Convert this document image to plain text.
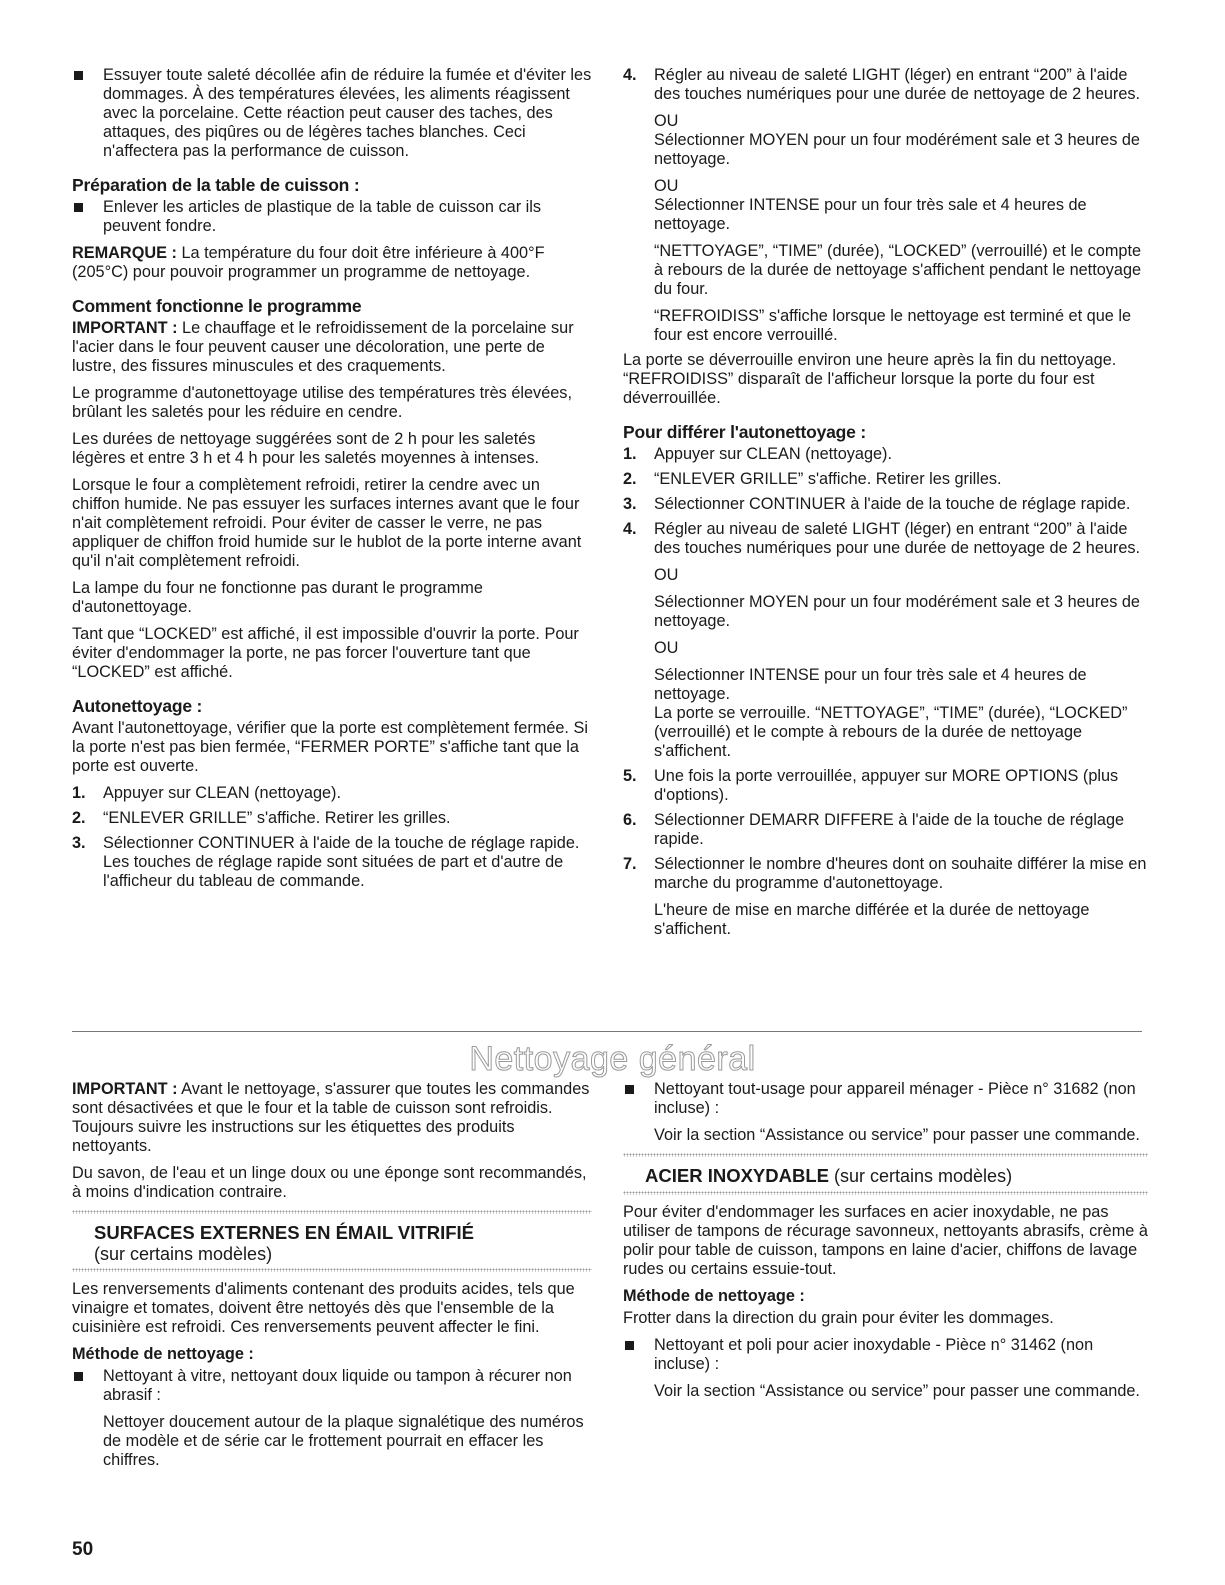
Essuyer toute saleté décollée afin de réduire la fumée et d'éviter les dommages. À des températures élevées, les aliments réagissent avec la porcelaine. Cette réaction peut causer des taches, des attaques, des piqûres ou de légères taches blanches. Ceci n'affectera pas la performance de cuisson.
Préparation de la table de cuisson :
Enlever les articles de plastique de la table de cuisson car ils peuvent fondre.

REMARQUE : La température du four doit être inférieure à 400°F (205°C) pour pouvoir programmer un programme de nettoyage.

Comment fonctionne le programme

IMPORTANT : Le chauffage et le refroidissement de la porcelaine sur l'acier dans le four peuvent causer une décoloration, une perte de lustre, des fissures minuscules et des craquements.

Le programme d'autonettoyage utilise des températures très élevées, brûlant les saletés pour les réduire en cendre.

Les durées de nettoyage suggérées sont de 2 h pour les saletés légères et entre 3 h et 4 h pour les saletés moyennes à intenses.

Lorsque le four a complètement refroidi, retirer la cendre avec un chiffon humide. Ne pas essuyer les surfaces internes avant que le four n'ait complètement refroidi. Pour éviter de casser le verre, ne pas appliquer de chiffon froid humide sur le hublot de la porte interne avant qu'il n'ait complètement refroidi.

La lampe du four ne fonctionne pas durant le programme d'autonettoyage.

Tant que “LOCKED” est affiché, il est impossible d'ouvrir la porte. Pour éviter d'endommager la porte, ne pas forcer l'ouverture tant que “LOCKED” est affiché.

Autonettoyage :

Avant l'autonettoyage, vérifier que la porte est complètement fermée. Si la porte n'est pas bien fermée, “FERMER PORTE” s'affiche tant que la porte est ouverte.

1. Appuyer sur CLEAN (nettoyage).
2. “ENLEVER GRILLE” s'affiche. Retirer les grilles.
3. Sélectionner CONTINUER à l'aide de la touche de réglage rapide. Les touches de réglage rapide sont situées de part et d'autre de l'afficheur du tableau de commande.
4. Régler au niveau de saleté LIGHT (léger) en entrant “200” à l'aide des touches numériques pour une durée de nettoyage de 2 heures.

OU

Sélectionner MOYEN pour un four modérément sale et 3 heures de nettoyage.

OU

Sélectionner INTENSE pour un four très sale et 4 heures de nettoyage.

“NETTOYAGE”, “TIME” (durée), “LOCKED” (verrouillé) et le compte à rebours de la durée de nettoyage s'affichent pendant le nettoyage du four.

“REFROIDISS” s'affiche lorsque le nettoyage est terminé et que le four est encore verrouillé.

La porte se déverrouille environ une heure après la fin du nettoyage. “REFROIDISS” disparaît de l'afficheur lorsque la porte du four est déverrouillée.

Pour différer l'autonettoyage :
1. Appuyer sur CLEAN (nettoyage).
2. “ENLEVER GRILLE” s'affiche. Retirer les grilles.
3. Sélectionner CONTINUER à l'aide de la touche de réglage rapide.
4. Régler au niveau de saleté LIGHT (léger) en entrant “200” à l'aide des touches numériques pour une durée de nettoyage de 2 heures.

OU

Sélectionner MOYEN pour un four modérément sale et 3 heures de nettoyage.

OU

Sélectionner INTENSE pour un four très sale et 4 heures de nettoyage.

La porte se verrouille. “NETTOYAGE”, “TIME” (durée), “LOCKED” (verrouillé) et le compte à rebours de la durée de nettoyage s'affichent.

5. Une fois la porte verrouillée, appuyer sur MORE OPTIONS (plus d'options).
6. Sélectionner DEMARR DIFFERE à l'aide de la touche de réglage rapide.
7. Sélectionner le nombre d'heures dont on souhaite différer la mise en marche du programme d'autonettoyage.

L'heure de mise en marche différée et la durée de nettoyage s'affichent.

Nettoyage général

IMPORTANT : Avant le nettoyage, s'assurer que toutes les commandes sont désactivées et que le four et la table de cuisson sont refroidis. Toujours suivre les instructions sur les étiquettes des produits nettoyants.

Du savon, de l'eau et un linge doux ou une éponge sont recommandés, à moins d'indication contraire.

SURFACES EXTERNES EN ÉMAIL VITRIFIÉ
(sur certains modèles)

Les renversements d'aliments contenant des produits acides, tels que vinaigre et tomates, doivent être nettoyés dès que l'ensemble de la cuisinière est refroidi. Ces renversements peuvent affecter le fini.

Méthode de nettoyage :

Nettoyant à vitre, nettoyant doux liquide ou tampon à récurer non abrasif :

Nettoyer doucement autour de la plaque signalétique des numéros de modèle et de série car le frottement pourrait en effacer les chiffres.

Nettoyant tout-usage pour appareil ménager - Pièce n° 31682 (non incluse) :

Voir la section “Assistance ou service” pour passer une commande.

ACIER INOXYDABLE (sur certains modèles)

Pour éviter d'endommager les surfaces en acier inoxydable, ne pas utiliser de tampons de récurage savonneux, nettoyants abrasifs, crème à polir pour table de cuisson, tampons en laine d'acier, chiffons de lavage rudes ou certains essuie-tout.

Méthode de nettoyage :

Frotter dans la direction du grain pour éviter les dommages.

Nettoyant et poli pour acier inoxydable - Pièce n° 31462 (non incluse) :

Voir la section “Assistance ou service” pour passer une commande.

50
